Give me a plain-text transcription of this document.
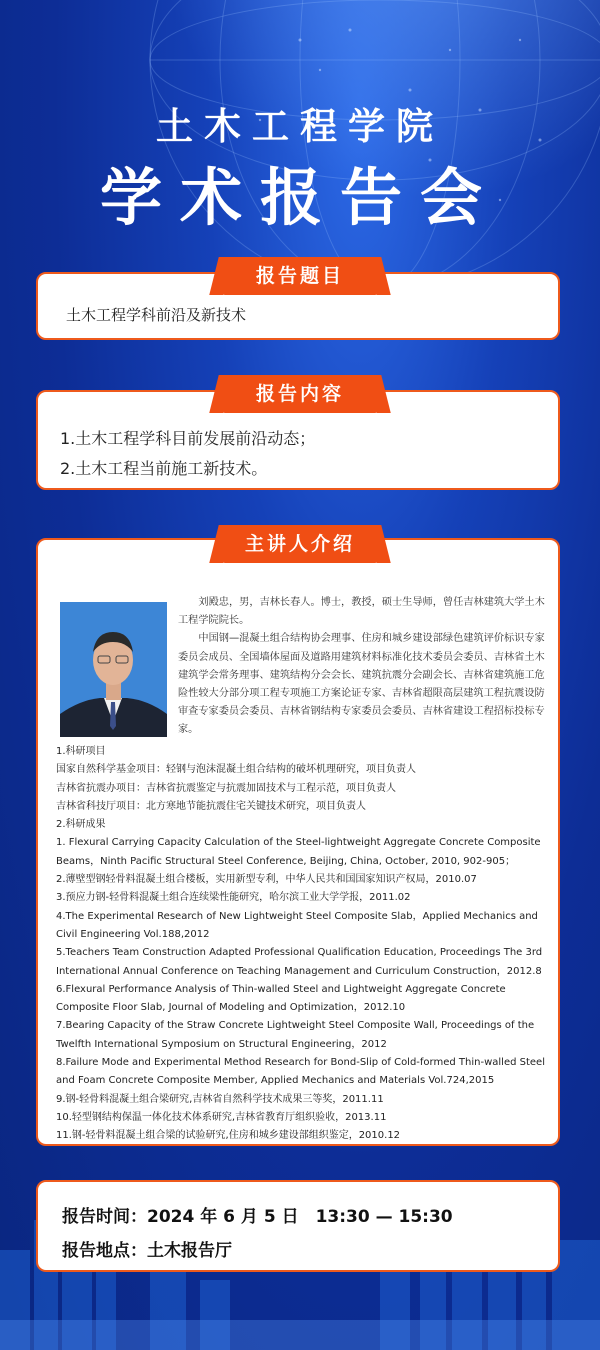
土木工程学院
学术报告会
报告题目
土木工程学科前沿及新技术
报告内容
1.土木工程学科目前发展前沿动态；
2.土木工程当前施工新技术。
主讲人介绍

刘殿忠，男，吉林长春人。博士，教授，硕士生导师，曾任吉林建筑大学土木工程学院院长。

中国钢—混凝土组合结构协会理事、住房和城乡建设部绿色建筑评价标识专家委员会成员、全国墙体屋面及道路用建筑材料标准化技术委员会委员、吉林省土木建筑学会常务理事、建筑结构分会会长、建筑抗震分会副会长、吉林省建筑施工危险性较大分部分项工程专项施工方案论证专家、吉林省超限高层建筑工程抗震设防审查专家委员会委员、吉林省钢结构专家委员会委员、吉林省建设工程招标投标专家。

1.科研项目
国家自然科学基金项目：轻钢与泡沫混凝土组合结构的破坏机理研究，项目负责人
吉林省抗震办项目：吉林省抗震鉴定与抗震加固技术与工程示范，项目负责人
吉林省科技厅项目：北方寒地节能抗震住宅关键技术研究，项目负责人
2.科研成果
1. Flexural Carrying Capacity Calculation of the Steel-lightweight Aggregate Concrete Composite Beams，Ninth Pacific Structural Steel Conference, Beijing, China, October, 2010, 902-905；
2.薄壁型钢轻骨料混凝土组合楼板，实用新型专利，中华人民共和国国家知识产权局，2010.07
3.预应力钢-轻骨料混凝土组合连续梁性能研究，哈尔滨工业大学学报，2011.02
4.The Experimental Research of New Lightweight Steel Composite Slab，Applied Mechanics and Civil Engineering Vol.188,2012
5.Teachers Team Construction Adapted Professional Qualification Education, Proceedings The 3rd International Annual Conference on Teaching Management and Curriculum Construction，2012.8
6.Flexural Performance Analysis of Thin-walled Steel and Lightweight Aggregate Concrete Composite Floor Slab, Journal of Modeling and Optimization，2012.10
7.Bearing Capacity of the Straw Concrete Lightweight Steel Composite Wall, Proceedings of the Twelfth International Symposium on Structural Engineering，2012
8.Failure Mode and Experimental Method Research for Bond-Slip of Cold-formed Thin-walled Steel and Foam Concrete Composite Member, Applied Mechanics and Materials Vol.724,2015
9.钢-轻骨料混凝土组合梁研究,吉林省自然科学技术成果三等奖，2011.11
10.轻型钢结构保温一体化技术体系研究,吉林省教育厅组织验收，2013.11
11.钢-轻骨料混凝土组合梁的试验研究,住房和城乡建设部组织鉴定，2010.12
报告时间：2024 年 6 月 5 日　13:30 — 15:30
报告地点：土木报告厅
